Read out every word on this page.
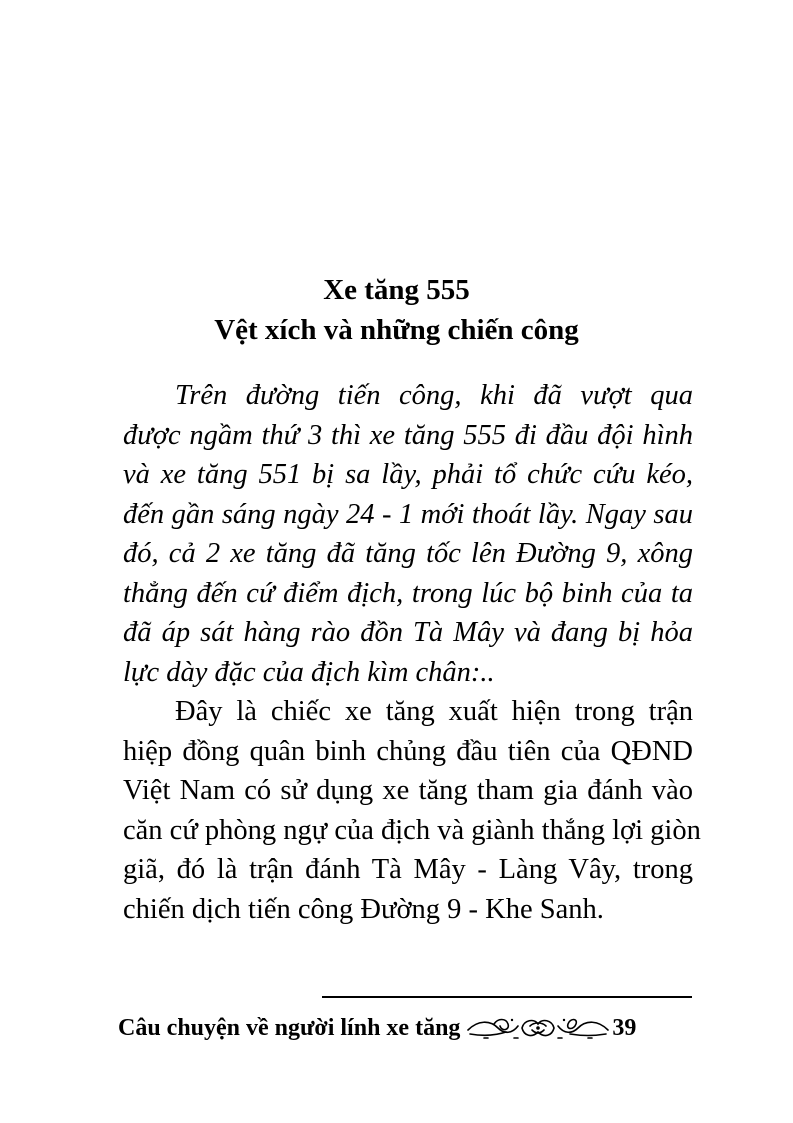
Xe tăng 555

Vệt xích và những chiến công

Trên đường tiến công, khi đã vượt qua
được ngầm thứ 3 thì xe tăng 555 đi đầu đội hình
và xe tăng 551 bị sa lầy, phải tổ chức cứu kéo,
đến gần sáng ngày 24 - 1 mới thoát lầy. Ngay sau
đó, cả 2 xe tăng đã tăng tốc lên Đường 9, xông
thẳng đến cứ điểm địch, trong lúc bộ binh của ta
đã áp sát hàng rào đồn Tà Mây và đang bị hỏa
lực dày đặc của địch kìm chân:..
Đây là chiếc xe tăng xuất hiện trong trận
hiệp đồng quân binh chủng đầu tiên của QĐND
Việt Nam có sử dụng xe tăng tham gia đánh vào
căn cứ phòng ngự của địch và giành thắng lợi giòn
giã, đó là trận đánh Tà Mây - Làng Vây, trong
chiến dịch tiến công Đường 9 - Khe Sanh.
Câu chuyện về người lính xe tăng	39
